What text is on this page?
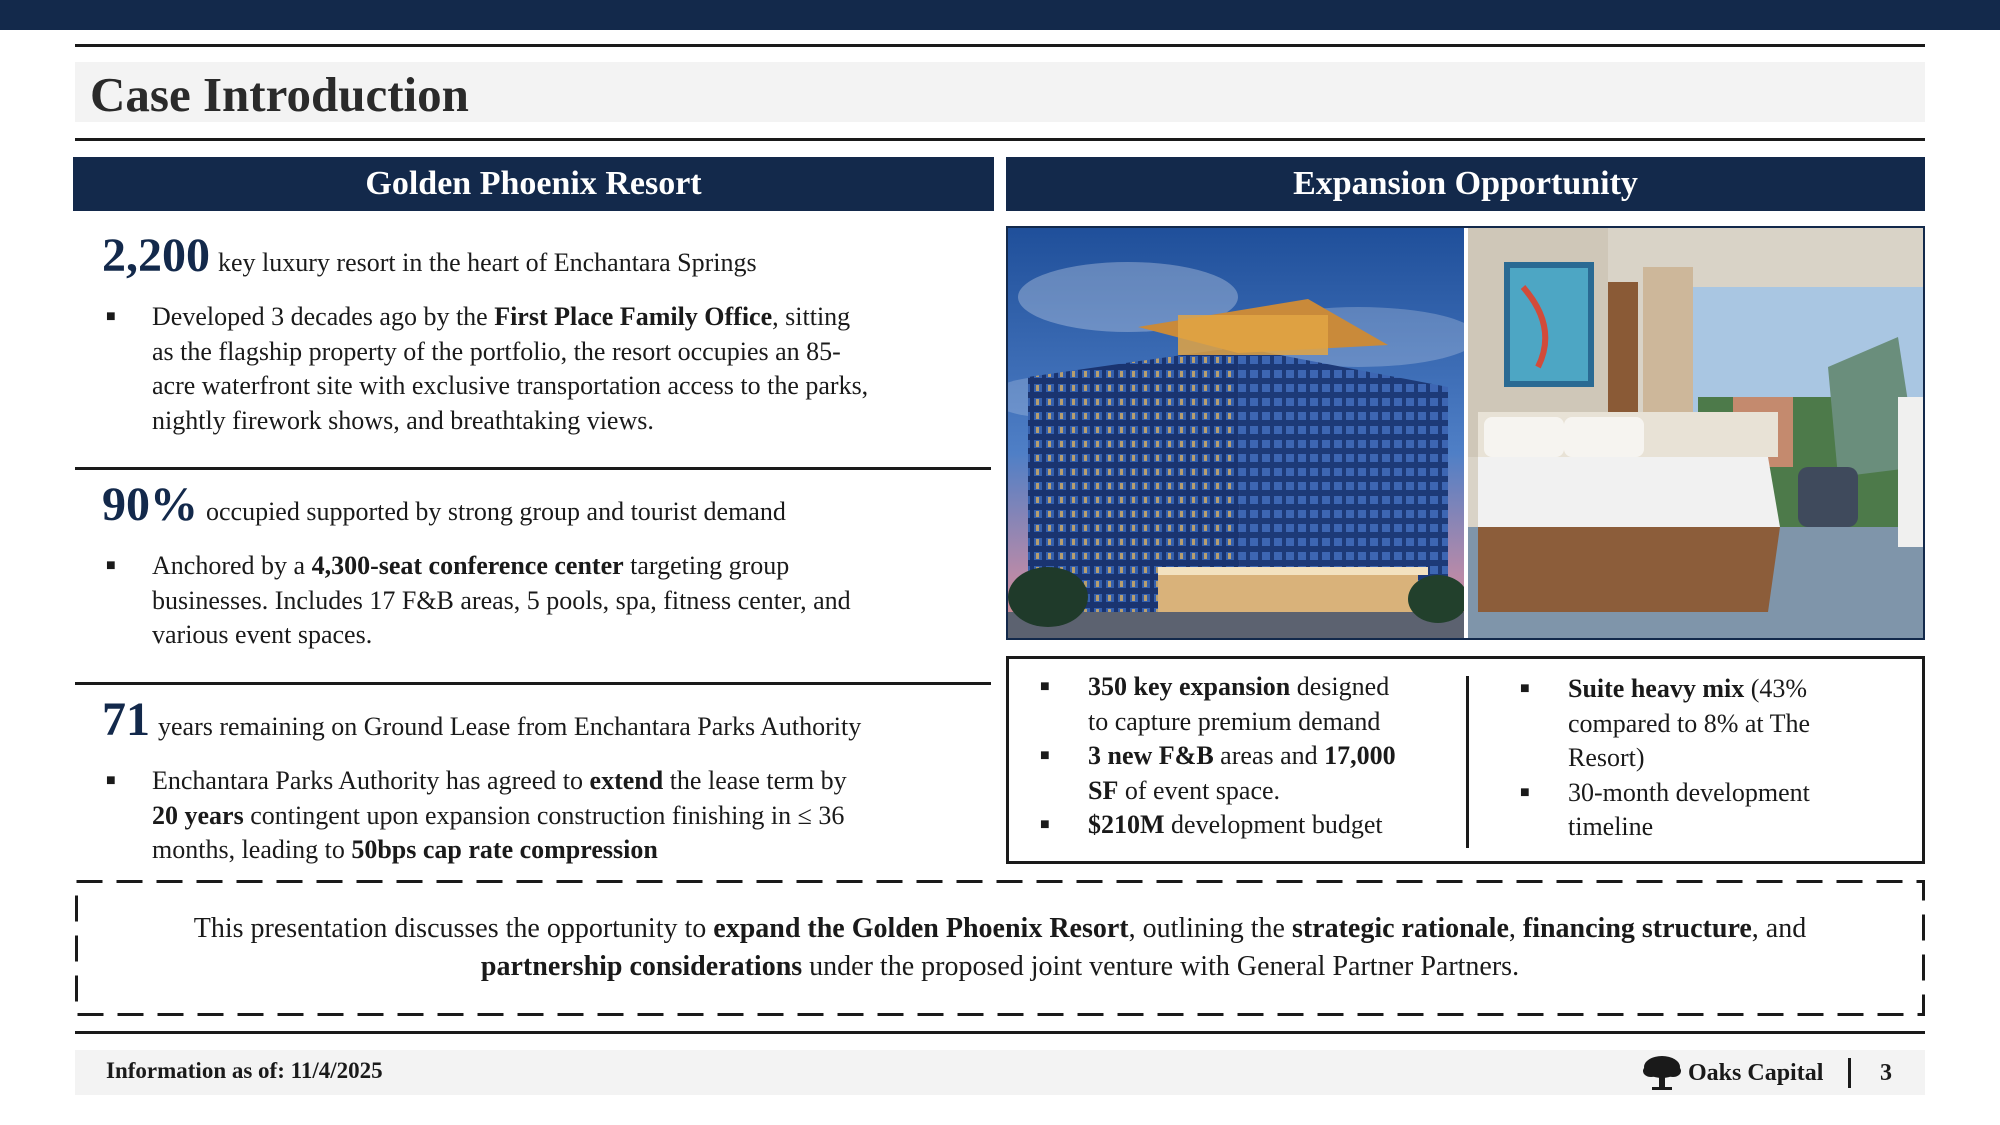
Case Introduction
Golden Phoenix Resort
2,200 key luxury resort in the heart of Enchantara Springs
■ Developed 3 decades ago by the First Place Family Office, sitting
as the flagship property of the portfolio, the resort occupies an 85-
acre waterfront site with exclusive transportation access to the parks,
nightly firework shows, and breathtaking views.
90% occupied supported by strong group and tourist demand
■ Anchored by a 4,300-seat conference center targeting group
businesses. Includes 17 F&B areas, 5 pools, spa, fitness center, and
various event spaces.
71 years remaining on Ground Lease from Enchantara Parks Authority
■ Enchantara Parks Authority has agreed to extend the lease term by
20 years contingent upon expansion construction finishing in ≤ 36
months, leading to 50bps cap rate compression
Expansion Opportunity
■ 350 key expansion designed
to capture premium demand
■ 3 new F&B areas and 17,000
SF of event space.
■ $210M development budget
■ Suite heavy mix (43%
compared to 8% at The
Resort)
■ 30-month development
timeline
This presentation discusses the opportunity to expand the Golden Phoenix Resort, outlining the strategic rationale, financing structure, and
partnership considerations under the proposed joint venture with General Partner Partners.
Information as of: 11/4/2025	Oaks Capital 3
